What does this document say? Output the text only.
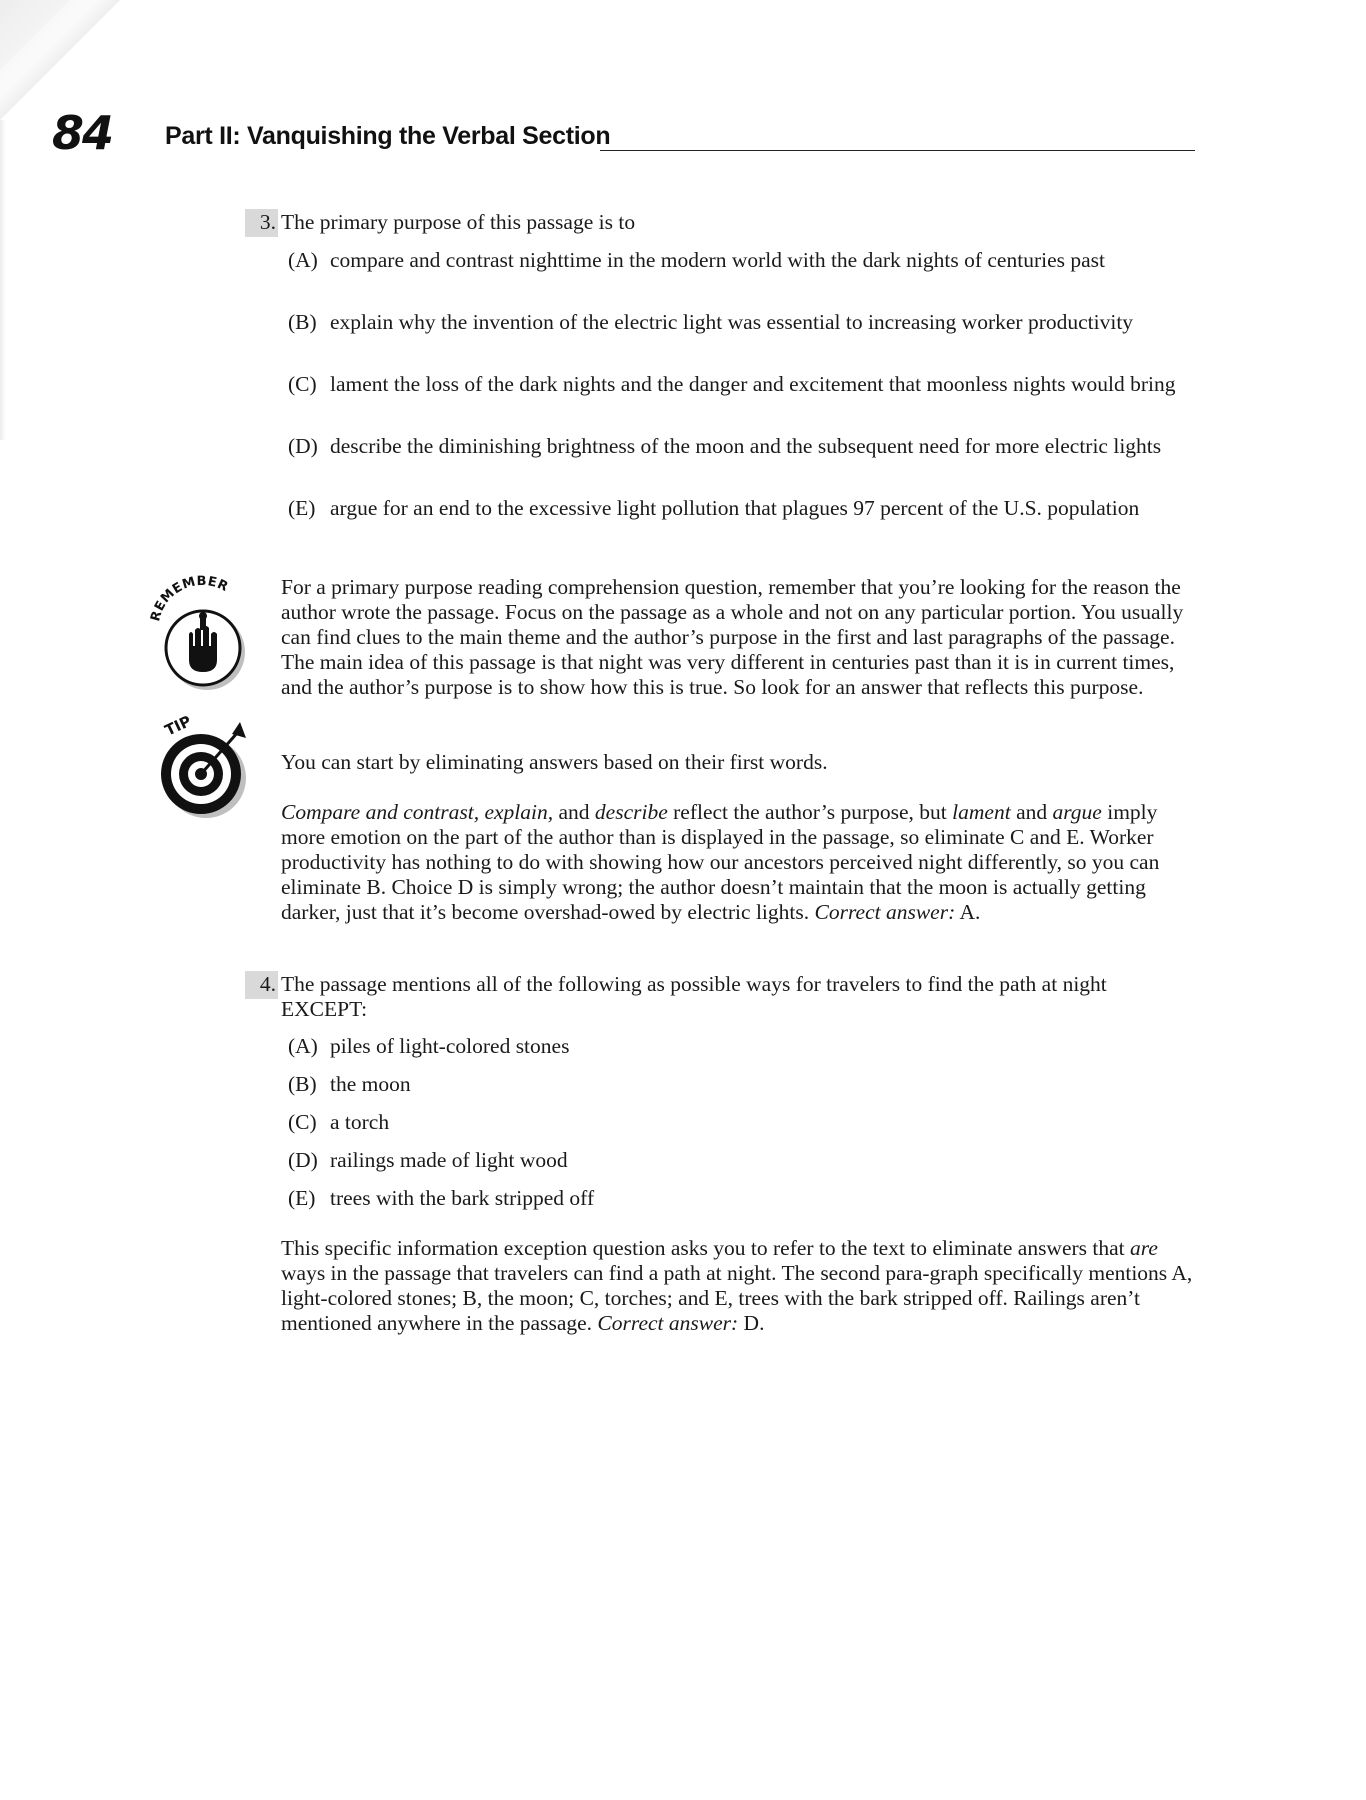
84 Part II: Vanquishing the Verbal Section
3. The primary purpose of this passage is to
(A) compare and contrast nighttime in the modern world with the dark nights of centuries past
(B) explain why the invention of the electric light was essential to increasing worker productivity
(C) lament the loss of the dark nights and the danger and excitement that moonless nights would bring
(D) describe the diminishing brightness of the moon and the subsequent need for more electric lights
(E) argue for an end to the excessive light pollution that plagues 97 percent of the U.S. population
REMEMBER For a primary purpose reading comprehension question, remember that you’re looking for the reason the author wrote the passage. Focus on the passage as a whole and not on any particular portion. You usually can find clues to the main theme and the author’s purpose in the first and last paragraphs of the passage. The main idea of this passage is that night was very different in centuries past than it is in current times, and the author’s purpose is to show how this is true. So look for an answer that reflects this purpose.
TIP
You can start by eliminating answers based on their first words.
Compare and contrast, explain, and describe reflect the author’s purpose, but lament and argue imply more emotion on the part of the author than is displayed in the passage, so eliminate C and E. Worker productivity has nothing to do with showing how our ancestors perceived night differently, so you can eliminate B. Choice D is simply wrong; the author doesn’t maintain that the moon is actually getting darker, just that it’s become overshad-owed by electric lights. Correct answer: A.
4. The passage mentions all of the following as possible ways for travelers to find the path at night EXCEPT:
(A) piles of light-colored stones
(B) the moon
(C) a torch
(D) railings made of light wood
(E) trees with the bark stripped off
This specific information exception question asks you to refer to the text to eliminate answers that are ways in the passage that travelers can find a path at night. The second para-graph specifically mentions A, light-colored stones; B, the moon; C, torches; and E, trees with the bark stripped off. Railings aren’t mentioned anywhere in the passage. Correct answer: D.
